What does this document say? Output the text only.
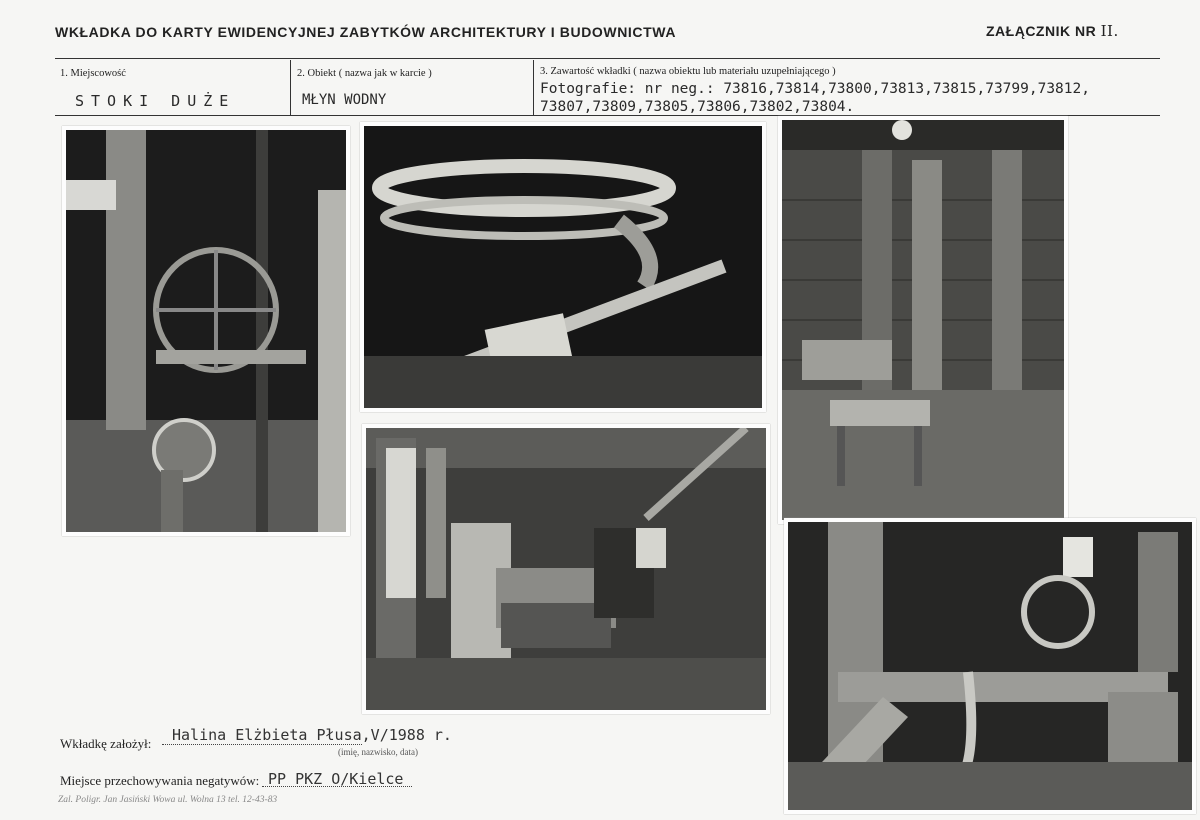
WKŁADKA DO KARTY EWIDENCYJNEJ ZABYTKÓW ARCHITEKTURY I BUDOWNICTWA	ZAŁĄCZNIK NR II.
1. Miejscowość
STOKI DUŻE
2. Obiekt ( nazwa jak w karcie )
MŁYN WODNY
3. Zawartość wkładki ( nazwa obiektu lub materiału uzupełniającego )
Fotografie: nr neg.: 73816,73814,73800,73813,73815,73799,73812,
73807,73809,73805,73806,73802,73804.
Wkładkę założył: Halina Elżbieta Płusa,V/1988 r.
(imię, nazwisko, data)
Miejsce przechowywania negatywów: PP PKZ O/Kielce
Zal. Poligr. Jan Jasiński Wowa ul. Wolna 13 tel. 12-43-83
